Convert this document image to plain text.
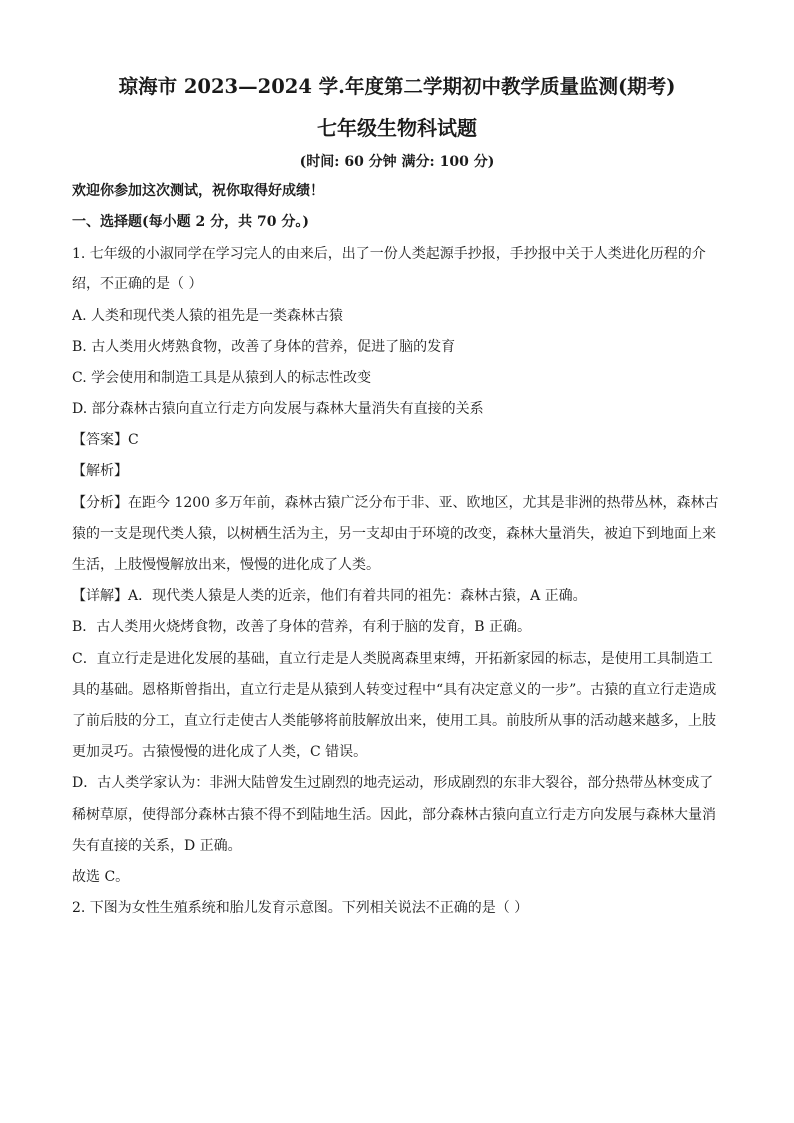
琼海市 2023—2024 学.年度第二学期初中教学质量监测(期考)
七年级生物科试题
(时间: 60 分钟 满分: 100 分)
欢迎你参加这次测试，祝你取得好成绩！
一、选择题(每小题 2 分，共 70 分。)
1. 七年级的小淑同学在学习完人的由来后，出了一份人类起源手抄报，手抄报中关于人类进化历程的介
绍，不正确的是（ ）
A. 人类和现代类人猿的祖先是一类森林古猿
B. 古人类用火烤熟食物，改善了身体的营养，促进了脑的发育
C. 学会使用和制造工具是从猿到人的标志性改变
D. 部分森林古猿向直立行走方向发展与森林大量消失有直接的关系
【答案】C
【解析】
【分析】在距今 1200 多万年前，森林古猿广泛分布于非、亚、欧地区，尤其是非洲的热带丛林，森林古
猿的一支是现代类人猿，以树栖生活为主，另一支却由于环境的改变，森林大量消失，被迫下到地面上来
生活，上肢慢慢解放出来，慢慢的进化成了人类。
【详解】A．现代类人猿是人类的近亲，他们有着共同的祖先：森林古猿，A 正确。
B．古人类用火烧烤食物，改善了身体的营养，有利于脑的发育，B 正确。
C．直立行走是进化发展的基础，直立行走是人类脱离森里束缚，开拓新家园的标志，是使用工具制造工
具的基础。恩格斯曾指出，直立行走是从猿到人转变过程中“具有决定意义的一步”。古猿的直立行走造成
了前后肢的分工，直立行走使古人类能够将前肢解放出来，使用工具。前肢所从事的活动越来越多，上肢
更加灵巧。古猿慢慢的进化成了人类，C 错误。
D．古人类学家认为：非洲大陆曾发生过剧烈的地壳运动，形成剧烈的东非大裂谷，部分热带丛林变成了
稀树草原，使得部分森林古猿不得不到陆地生活。因此，部分森林古猿向直立行走方向发展与森林大量消
失有直接的关系，D 正确。
故选 C。
2. 下图为女性生殖系统和胎儿发育示意图。下列相关说法不正确的是（ ）
